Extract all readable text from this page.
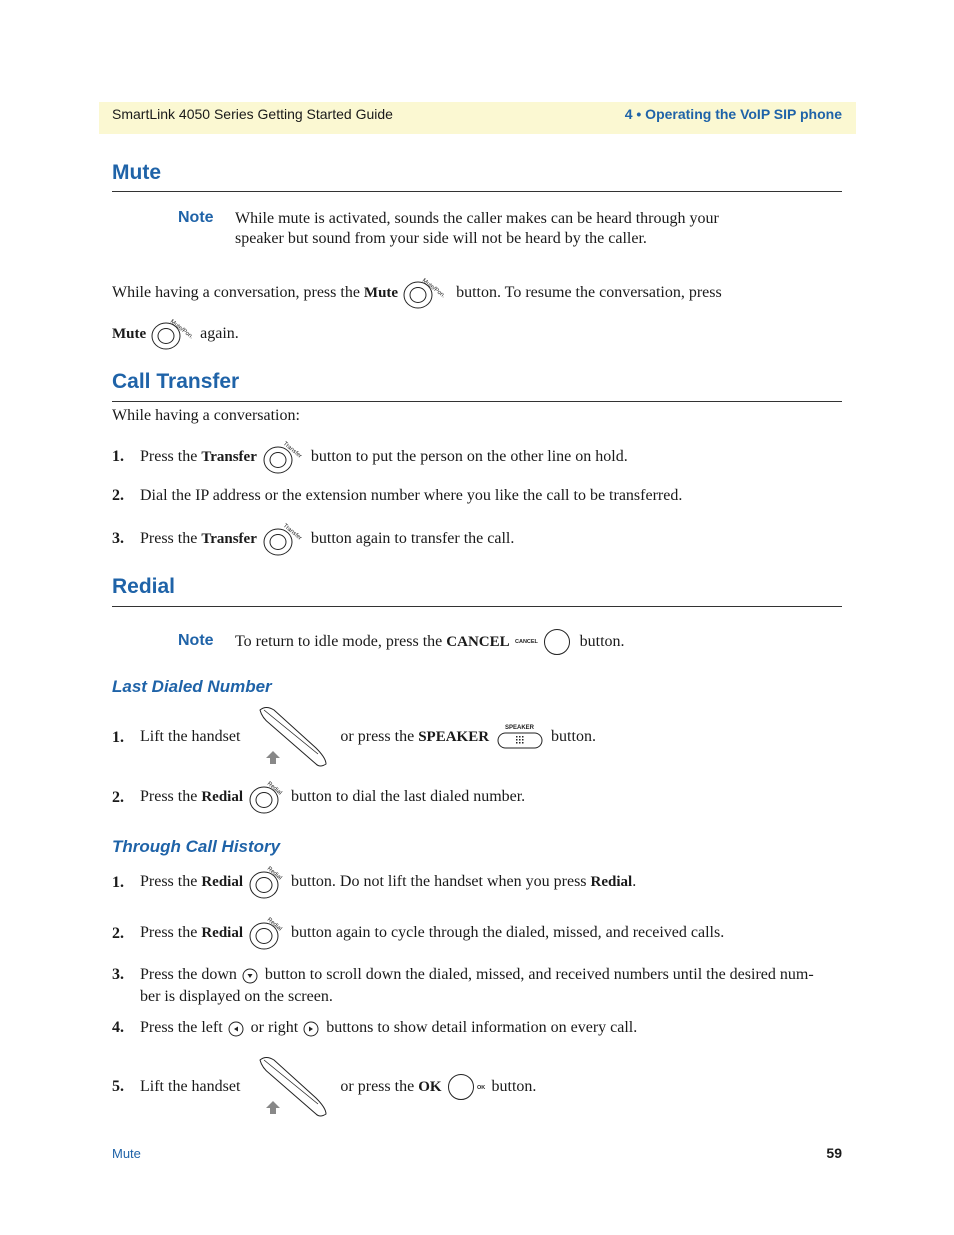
SmartLink 4050 Series Getting Started Guide	4 • Operating the VoIP SIP phone
Mute
Note While mute is activated, sounds the caller makes can be heard through your speaker but sound from your side will not be heard by the caller.
While having a conversation, press the Mute	Mute/Pon. button. To resume the conversation, press
Mute	Mute/Pon. again.
Call Transfer
While having a conversation:
1. Press the Transfer	Transfer button to put the person on the other line on hold.
2. Dial the IP address or the extension number where you like the call to be transferred.
3. Press the Transfer	Transfer button again to transfer the call.
Redial
Note To return to idle mode, press the CANCEL CANCEL	button.
Last Dialed Number
1. Lift the handset	or press the SPEAKER
SPEAKER button.
2. Press the Redial	Redial button to dial the last dialed number.
Through Call History
1. Press the Redial	Redial button. Do not lift the handset when you press Redial .
2. Press the Redial	Redial button again to cycle through the dialed, missed, and received calls.
3. Press the down button to scroll down the dialed, missed, and received numbers until the desired num-
ber is displayed on the screen.
4. Press the left or right buttons to show detail information on every call.
5. Lift the handset	or press the OK	OK button.
Mute	59
